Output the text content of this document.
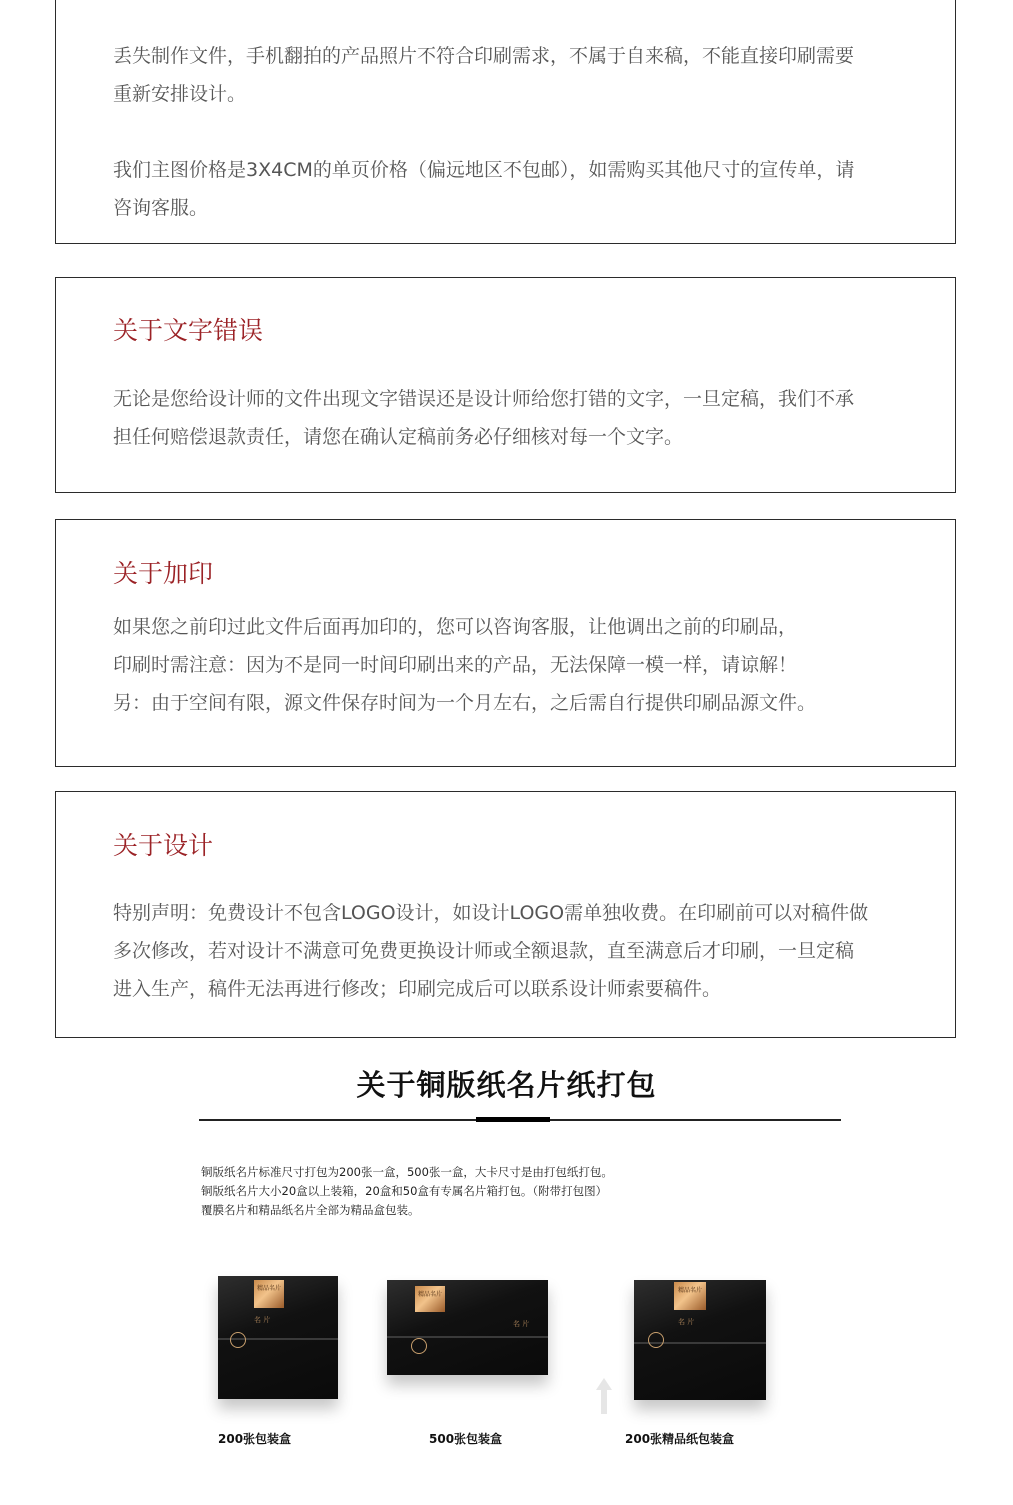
丢失制作文件，手机翻拍的产品照片不符合印刷需求，不属于自来稿，不能直接印刷需要

重新安排设计。

我们主图价格是3X4CM的单页价格（偏远地区不包邮），如需购买其他尺寸的宣传单，请

咨询客服。

关于文字错误

无论是您给设计师的文件出现文字错误还是设计师给您打错的文字，一旦定稿，我们不承

担任何赔偿退款责任，请您在确认定稿前务必仔细核对每一个文字。

关于加印

如果您之前印过此文件后面再加印的，您可以咨询客服，让他调出之前的印刷品，

印刷时需注意：因为不是同一时间印刷出来的产品，无法保障一模一样，请谅解！

另：由于空间有限，源文件保存时间为一个月左右，之后需自行提供印刷品源文件。

关于设计

特别声明：免费设计不包含LOGO设计，如设计LOGO需单独收费。在印刷前可以对稿件做

多次修改，若对设计不满意可免费更换设计师或全额退款，直至满意后才印刷，一旦定稿

进入生产，稿件无法再进行修改；印刷完成后可以联系设计师索要稿件。

关于铜版纸名片纸打包

铜版纸名片标准尺寸打包为200张一盒，500张一盒，大卡尺寸是由打包纸打包。

铜版纸名片大小20盒以上装箱，20盒和50盒有专属名片箱打包。（附带打包图）

覆膜名片和精品纸名片全部为精品盒包装。

精品名片
名 片
精品名片
名 片
精品名片
名 片
200张包装盒	500张包装盒	200张精品纸包装盒
